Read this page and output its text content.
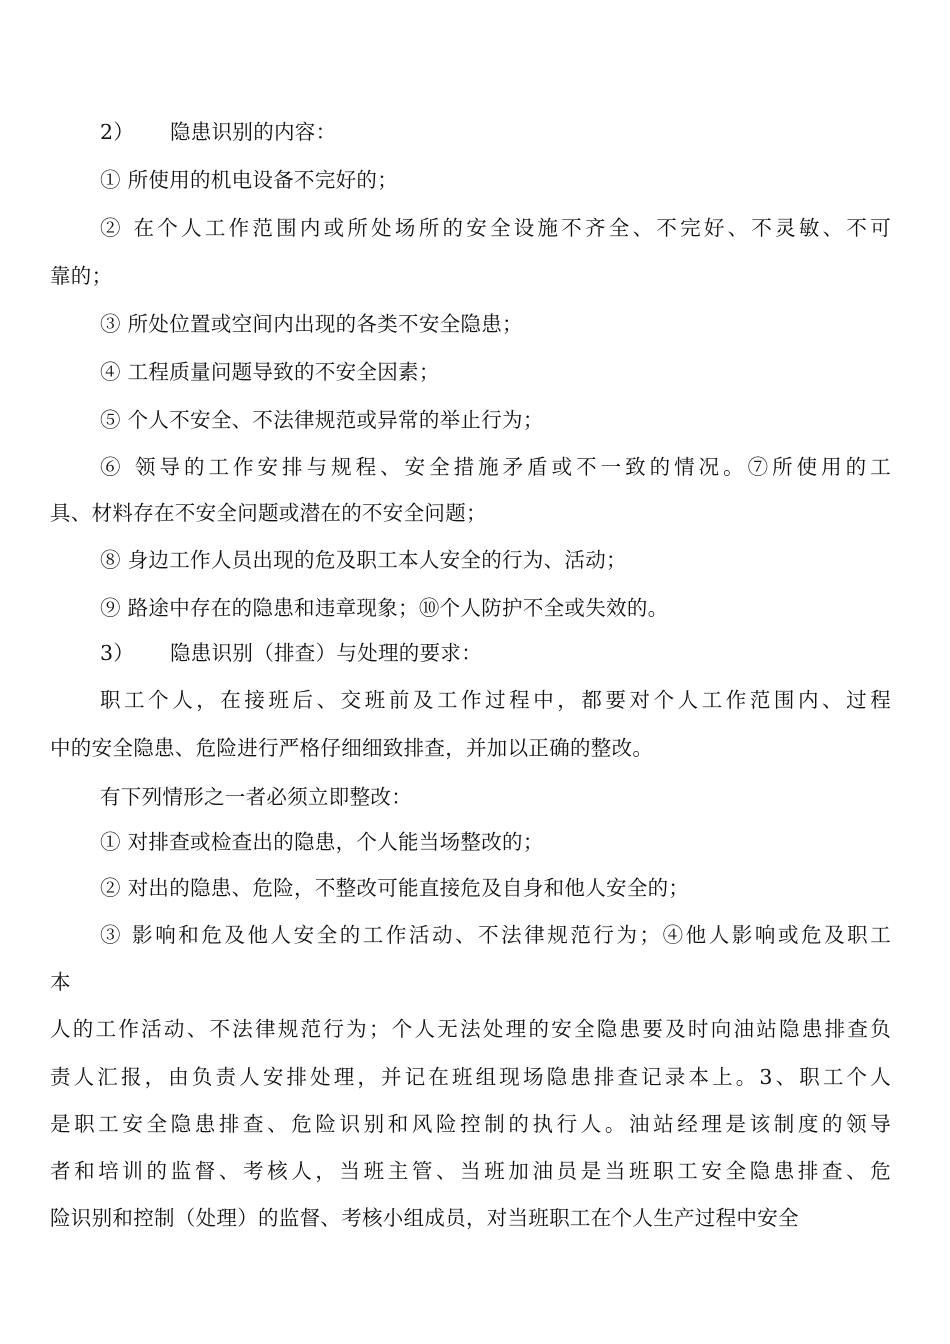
2） 隐患识别的内容：
① 所使用的机电设备不完好的；
② 在个人工作范围内或所处场所的安全设施不齐全、不完好、不灵敏、不可
靠的；
③ 所处位置或空间内出现的各类不安全隐患；
④ 工程质量问题导致的不安全因素；
⑤ 个人不安全、不法律规范或异常的举止行为；
⑥ 领导的工作安排与规程、安全措施矛盾或不一致的情况。⑦所使用的工
具、材料存在不安全问题或潜在的不安全问题；
⑧ 身边工作人员出现的危及职工本人安全的行为、活动；
⑨ 路途中存在的隐患和违章现象；⑩个人防护不全或失效的。
3） 隐患识别（排查）与处理的要求：
职工个人，在接班后、交班前及工作过程中，都要对个人工作范围内、过程
中的安全隐患、危险进行严格仔细细致排查，并加以正确的整改。
有下列情形之一者必须立即整改：
① 对排查或检查出的隐患，个人能当场整改的；
② 对出的隐患、危险，不整改可能直接危及自身和他人安全的；
③ 影响和危及他人安全的工作活动、不法律规范行为；④他人影响或危及职工
本
人的工作活动、不法律规范行为；个人无法处理的安全隐患要及时向油站隐患排查负
责人汇报，由负责人安排处理，并记在班组现场隐患排查记录本上。3、职工个人
是职工安全隐患排查、危险识别和风险控制的执行人。油站经理是该制度的领导
者和培训的监督、考核人，当班主管、当班加油员是当班职工安全隐患排查、危
险识别和控制（处理）的监督、考核小组成员，对当班职工在个人生产过程中安全
